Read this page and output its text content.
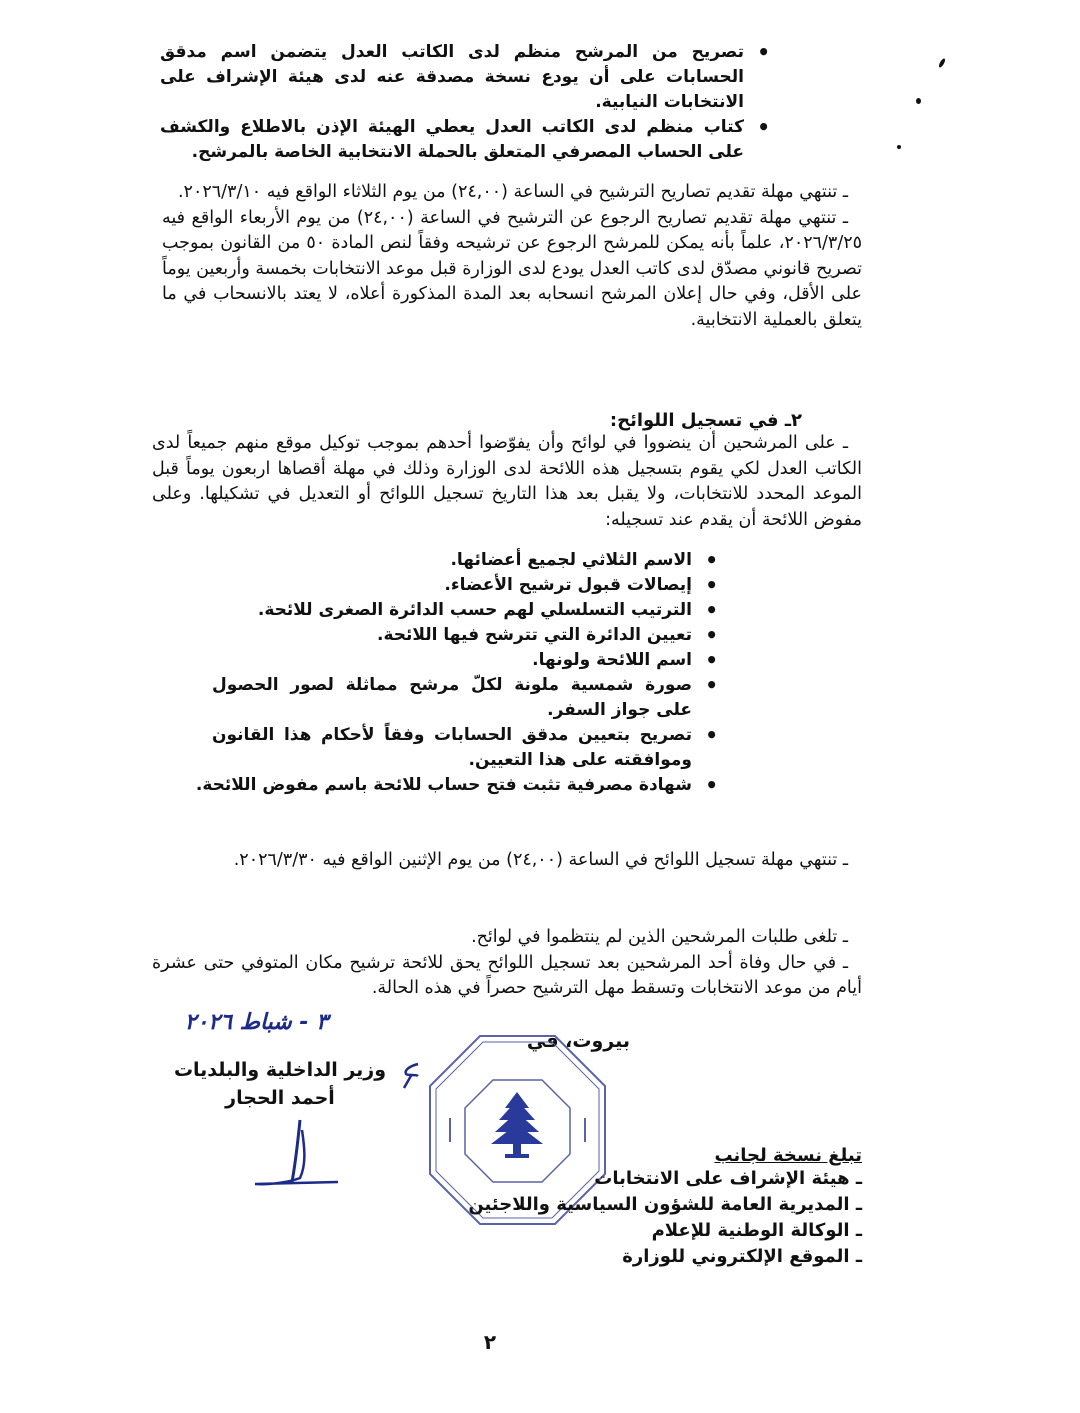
• تصريح من المرشح منظم لدى الكاتب العدل يتضمن اسم مدقق الحسابات على أن يودع نسخة مصدقة عنه لدى هيئة الإشراف على الانتخابات النيابية.
• كتاب منظم لدى الكاتب العدل يعطي الهيئة الإذن بالاطلاع والكشف على الحساب المصرفي المتعلق بالحملة الانتخابية الخاصة بالمرشح.
ـ تنتهي مهلة تقديم تصاريح الترشيح في الساعة (٢٤,٠٠) من يوم الثلاثاء الواقع فيه ٢٠٢٦/٣/١٠.
ـ تنتهي مهلة تقديم تصاريح الرجوع عن الترشيح في الساعة (٢٤,٠٠) من يوم الأربعاء الواقع فيه ٢٠٢٦/٣/٢٥، علماً بأنه يمكن للمرشح الرجوع عن ترشيحه وفقاً لنص المادة ٥٠ من القانون بموجب تصريح قانوني مصدّق لدى كاتب العدل يودع لدى الوزارة قبل موعد الانتخابات بخمسة وأربعين يوماً على الأقل، وفي حال إعلان المرشح انسحابه بعد المدة المذكورة أعلاه، لا يعتد بالانسحاب في ما يتعلق بالعملية الانتخابية.
٢ـ في تسجيل اللوائح:
ـ على المرشحين أن ينضووا في لوائح وأن يفوّضوا أحدهم بموجب توكيل موقع منهم جميعاً لدى الكاتب العدل لكي يقوم بتسجيل هذه اللائحة لدى الوزارة وذلك في مهلة أقصاها اربعون يوماً قبل الموعد المحدد للانتخابات، ولا يقبل بعد هذا التاريخ تسجيل اللوائح أو التعديل في تشكيلها. وعلى مفوض اللائحة أن يقدم عند تسجيله:
• الاسم الثلاثي لجميع أعضائها.
• إيصالات قبول ترشيح الأعضاء.
• الترتيب التسلسلي لهم حسب الدائرة الصغرى للائحة.
• تعيين الدائرة التي تترشح فيها اللائحة.
• اسم اللائحة ولونها.
• صورة شمسية ملونة لكلّ مرشح مماثلة لصور الحصول على جواز السفر.
• تصريح بتعيين مدقق الحسابات وفقاً لأحكام هذا القانون وموافقته على هذا التعيين.
• شهادة مصرفية تثبت فتح حساب للائحة باسم مفوض اللائحة.
ـ تنتهي مهلة تسجيل اللوائح في الساعة (٢٤,٠٠) من يوم الإثنين الواقع فيه ٢٠٢٦/٣/٣٠.
ـ تلغى طلبات المرشحين الذين لم ينتظموا في لوائح.
ـ في حال وفاة أحد المرشحين بعد تسجيل اللوائح يحق للائحة ترشيح مكان المتوفي حتى عشرة أيام من موعد الانتخابات وتسقط مهل الترشيح حصراً في هذه الحالة.
٣ - شباط ٢٠٢٦
بيروت، في
وزير الداخلية والبلديات
أحمد الحجار
تبلغ نسخة لجانب
ـ هيئة الإشراف على الانتخابات
ـ المديرية العامة للشؤون السياسية واللاجئين
ـ الوكالة الوطنية للإعلام
ـ الموقع الإلكتروني للوزارة
٢
